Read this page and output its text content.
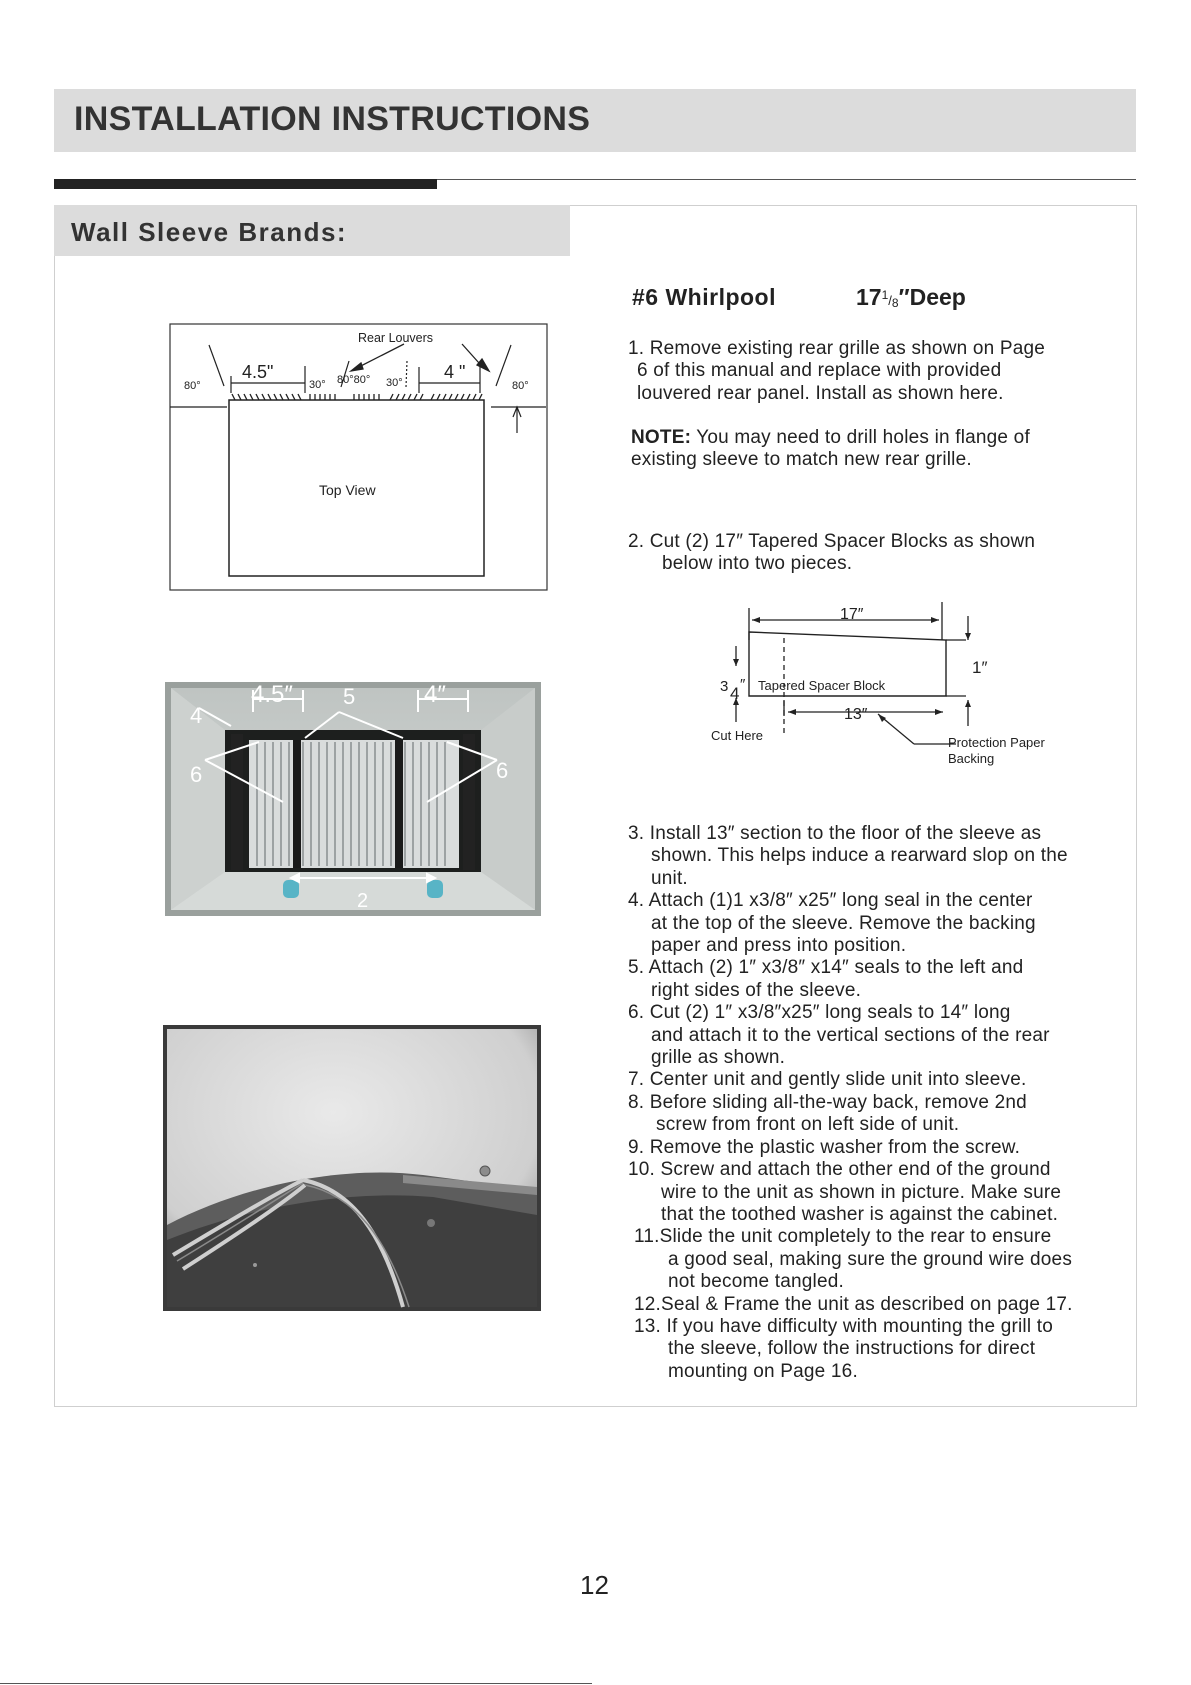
INSTALLATION INSTRUCTIONS
Wall Sleeve Brands:
Rear Louvers
Top View
4.5"	4 "
80°	80°
30° 80°80° 30°
4.5″ 5	4″
4
6	6
2
#6 Whirlpool	$17^1/8''Deep$
1. Remove existing rear grille as shown on Page
6 of this manual and replace with provided
louvered rear panel. Install as shown here.
NOTE: You may need to drill holes in flange of
existing sleeve to match new rear grille.
2. Cut (2) 17″ Tapered Spacer Blocks as shown
below into two pieces.
17″
1″
3 4 ″ Tapered Spacer Block
13″
Cut Here	Protection Paper
Backing
3. Install 13″ section to the floor of the sleeve as
shown. This helps induce a rearward slop on the
unit.
4. Attach (1)1 x3/8″ x25″ long seal in the center
at the top of the sleeve. Remove the backing
paper and press into position.
5. Attach (2) 1″ x3/8″ x14″ seals to the left and
right sides of the sleeve.
6. Cut (2) 1″ x3/8″x25″ long seals to 14″ long
and attach it to the vertical sections of the rear
grille as shown.
7. Center unit and gently slide unit into sleeve.
8. Before sliding all-the-way back, remove 2nd
screw from front on left side of unit.
9. Remove the plastic washer from the screw.
10. Screw and attach the other end of the ground
wire to the unit as shown in picture. Make sure
that the toothed washer is against the cabinet.
11.Slide the unit completely to the rear to ensure
a good seal, making sure the ground wire does
not become tangled.
12.Seal & Frame the unit as described on page 17.
13. If you have difficulty with mounting the grill to
the sleeve, follow the instructions for direct
mounting on Page 16.
12
